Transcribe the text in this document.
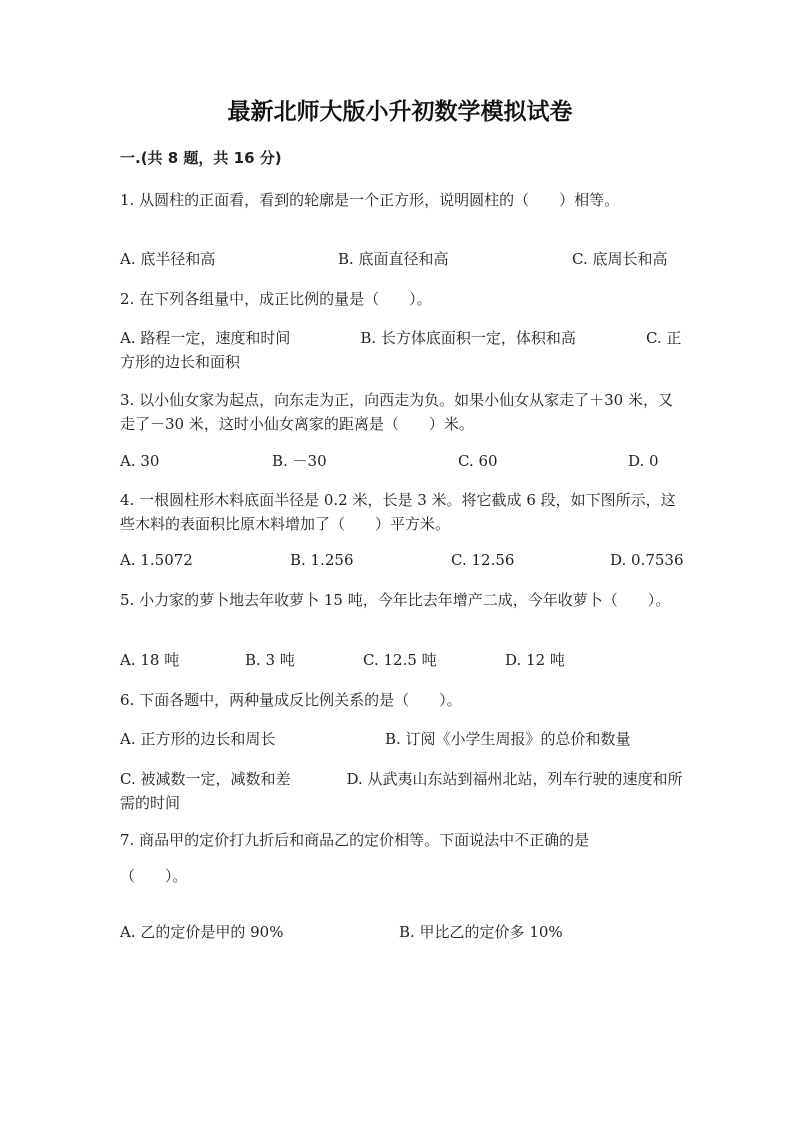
最新北师大版小升初数学模拟试卷
一.(共 8 题，共 16 分)
1. 从圆柱的正面看，看到的轮廓是一个正方形，说明圆柱的（　　）相等。
A. 底半径和高	B. 底面直径和高	C. 底周长和高
2. 在下列各组量中，成正比例的量是（　　）。
A. 路程一定，速度和时间	B. 长方体底面积一定，体积和高	C. 正方形的边长和面积
3. 以小仙女家为起点，向东走为正，向西走为负。如果小仙女从家走了＋30 米，又走了－30 米，这时小仙女离家的距离是（　　）米。
A. 30	B. －30	C. 60	D. 0
4. 一根圆柱形木料底面半径是 0.2 米，长是 3 米。将它截成 6 段，如下图所示，这些木料的表面积比原木料增加了（　　）平方米。
A. 1.5072	B. 1.256	C. 12.56	D. 0.7536
5. 小力家的萝卜地去年收萝卜 15 吨，今年比去年增产二成，今年收萝卜（　　）。
A. 18 吨	B. 3 吨	C. 12.5 吨	D. 12 吨
6. 下面各题中，两种量成反比例关系的是（　　）。
A. 正方形的边长和周长	B. 订阅《小学生周报》的总价和数量
C. 被减数一定，减数和差	D. 从武夷山东站到福州北站，列车行驶的速度和所需的时间
7. 商品甲的定价打九折后和商品乙的定价相等。下面说法中不正确的是
（　　）。
A. 乙的定价是甲的 90%	B. 甲比乙的定价多 10%
